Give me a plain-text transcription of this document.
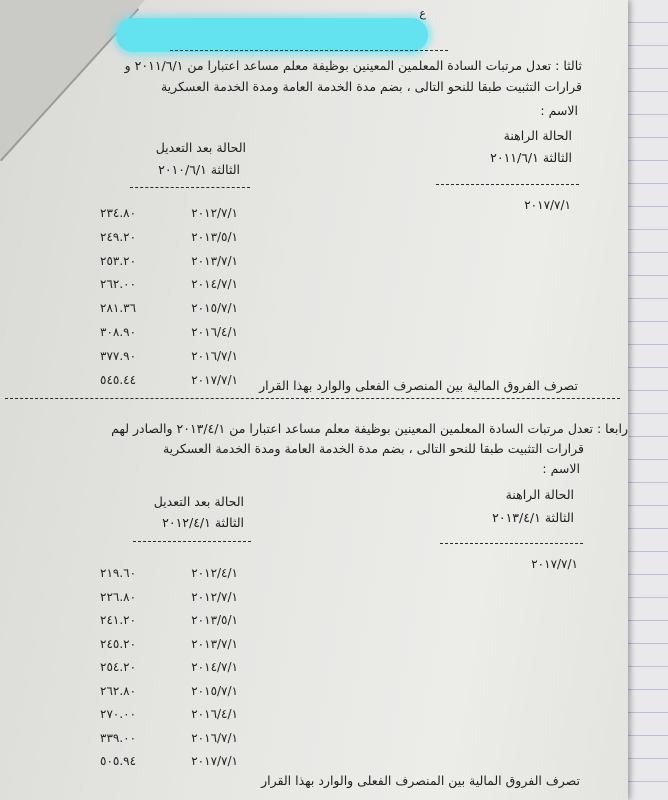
ع
ثالثا : تعدل مرتبات السادة المعلمين المعينين بوظيفة معلم مساعد اعتبارا من ٢٠١١/٦/١ و
قرارات التثبيت طبقا للنحو التالى ، بضم مدة الخدمة العامة ومدة الخدمة العسكرية
الاسم :
الحالة الراهنة
الثالثة ٢٠١١/٦/١
٢٠١٧/٧/١
الحالة بعد التعديل
الثالثة ٢٠١٠/٦/١
٢٣٤.٨٠	٢٠١٢/٧/١
٢٤٩.٢٠	٢٠١٣/٥/١
٢٥٣.٢٠	٢٠١٣/٧/١
٢٦٢.٠٠	٢٠١٤/٧/١
٢٨١.٣٦	٢٠١٥/٧/١
٣٠٨.٩٠	٢٠١٦/٤/١
٣٧٧.٩٠	٢٠١٦/٧/١
٥٤٥.٤٤	٢٠١٧/٧/١ تصرف الفروق المالية بين المنصرف الفعلى والوارد بهذا القرار
رابعا : تعدل مرتبات السادة المعلمين المعينين بوظيفة معلم مساعد اعتبارا من ٢٠١٣/٤/١ والصادر لهم
قرارات التثبيت طبقا للنحو التالى ، بضم مدة الخدمة العامة ومدة الخدمة العسكرية
الاسم :
الحالة الراهنة
الثالثة ٢٠١٣/٤/١
٢٠١٧/٧/١
الحالة بعد التعديل
الثالثة ٢٠١٢/٤/١
٢١٩.٦٠	٢٠١٢/٤/١
٢٢٦.٨٠	٢٠١٢/٧/١
٢٤١.٢٠	٢٠١٣/٥/١
٢٤٥.٢٠	٢٠١٣/٧/١
٢٥٤.٢٠	٢٠١٤/٧/١
٢٦٢.٨٠	٢٠١٥/٧/١
٢٧٠.٠٠	٢٠١٦/٤/١
٣٣٩.٠٠	٢٠١٦/٧/١
٥٠٥.٩٤	٢٠١٧/٧/١
تصرف الفروق المالية بين المنصرف الفعلى والوارد بهذا القرار
